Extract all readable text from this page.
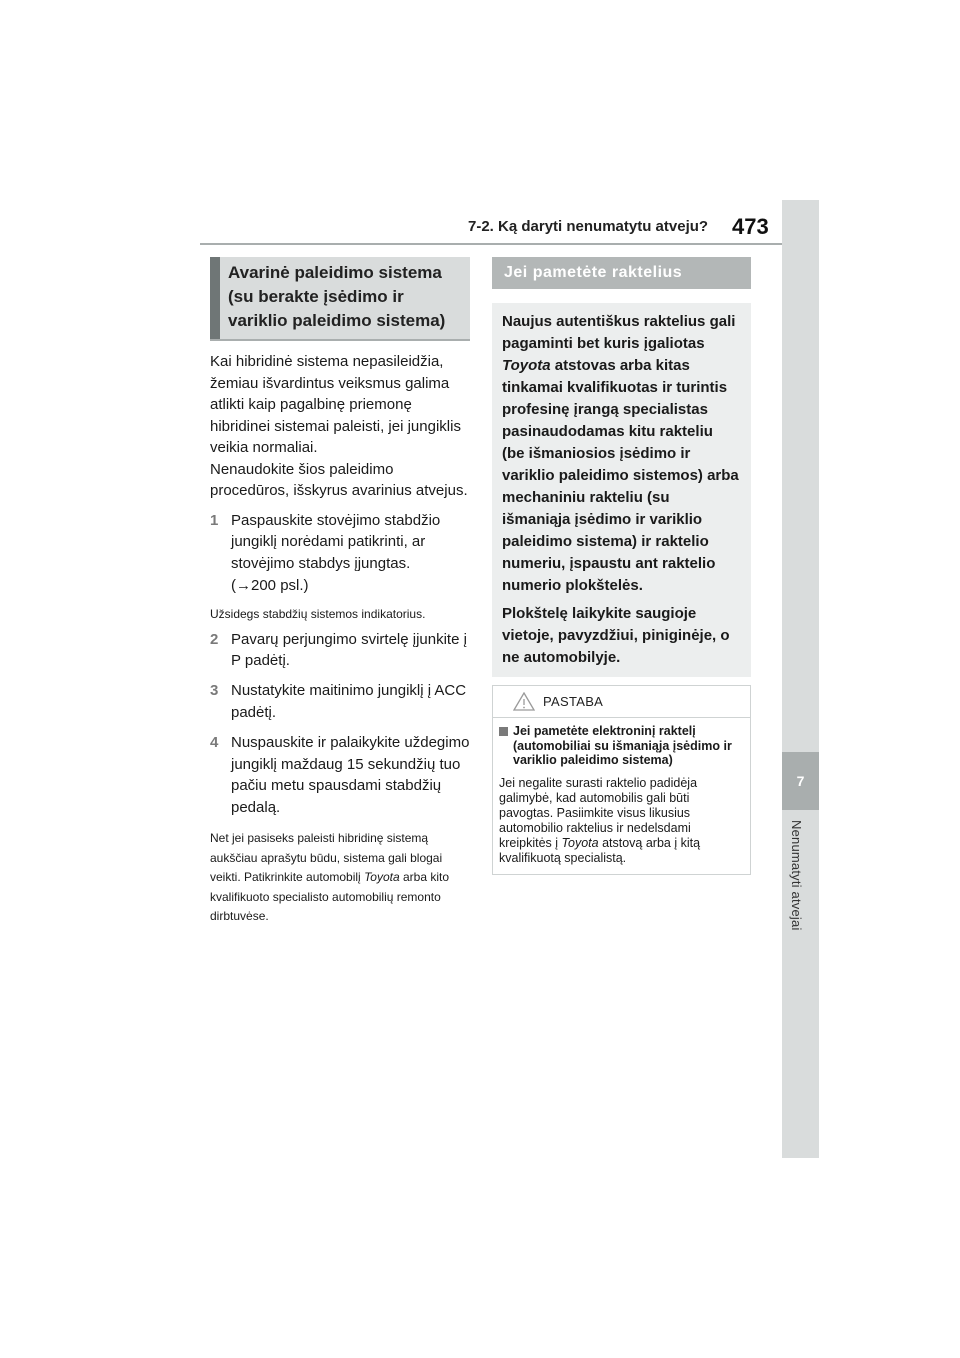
7-2. Ką daryti nenumatytu atveju? 473
7
Nenumatyti atvejai
Avarinė paleidimo sistema (su berakte įsėdimo ir variklio paleidimo sistema)

Kai hibridinė sistema nepasileidžia, žemiau išvardintus veiksmus galima atlikti kaip pagalbinę priemonę hibridinei sistemai paleisti, jei jungiklis veikia normaliai.

Nenaudokite šios paleidimo procedūros, išskyrus avarinius atvejus.

1 Paspauskite stovėjimo stabdžio jungiklį norėdami patikrinti, ar stovėjimo stabdys įjungtas.
(→200 psl.)
Užsidegs stabdžių sistemos indikatorius.
2 Pavarų perjungimo svirtelę įjunkite į P padėtį.
3 Nustatykite maitinimo jungiklį į ACC padėtį.
4 Nuspauskite ir palaikykite uždegimo jungiklį maždaug 15 sekundžių tuo pačiu metu spausdami stabdžių pedalą.
Net jei pasiseks paleisti hibridinę sistemą aukščiau aprašytu būdu, sistema gali blogai veikti. Patikrinkite automobilį Toyota arba kito kvalifikuoto specialisto automobilių remonto dirbtuvėse.
Jei pametėte raktelius

Naujus autentiškus raktelius gali pagaminti bet kuris įgaliotas Toyota atstovas arba kitas tinkamai kvalifikuotas ir turintis profesinę įrangą specialistas pasinaudodamas kitu rakteliu (be išmaniosios įsėdimo ir variklio paleidimo sistemos) arba mechaniniu rakteliu (su išmaniąja įsėdimo ir variklio paleidimo sistema) ir raktelio numeriu, įspaustu ant raktelio numerio plokštelės.

Plokštelę laikykite saugioje vietoje, pavyzdžiui, piniginėje, o ne automobilyje.

PASTABA
Jei pametėte elektroninį raktelį (automobiliai su išmaniąja įsėdimo ir variklio paleidimo sistema)
Jei negalite surasti raktelio padidėja galimybė, kad automobilis gali būti pavogtas. Pasiimkite visus likusius automobilio raktelius ir nedelsdami kreipkitės į Toyota atstovą arba į kitą kvalifikuotą specialistą.
